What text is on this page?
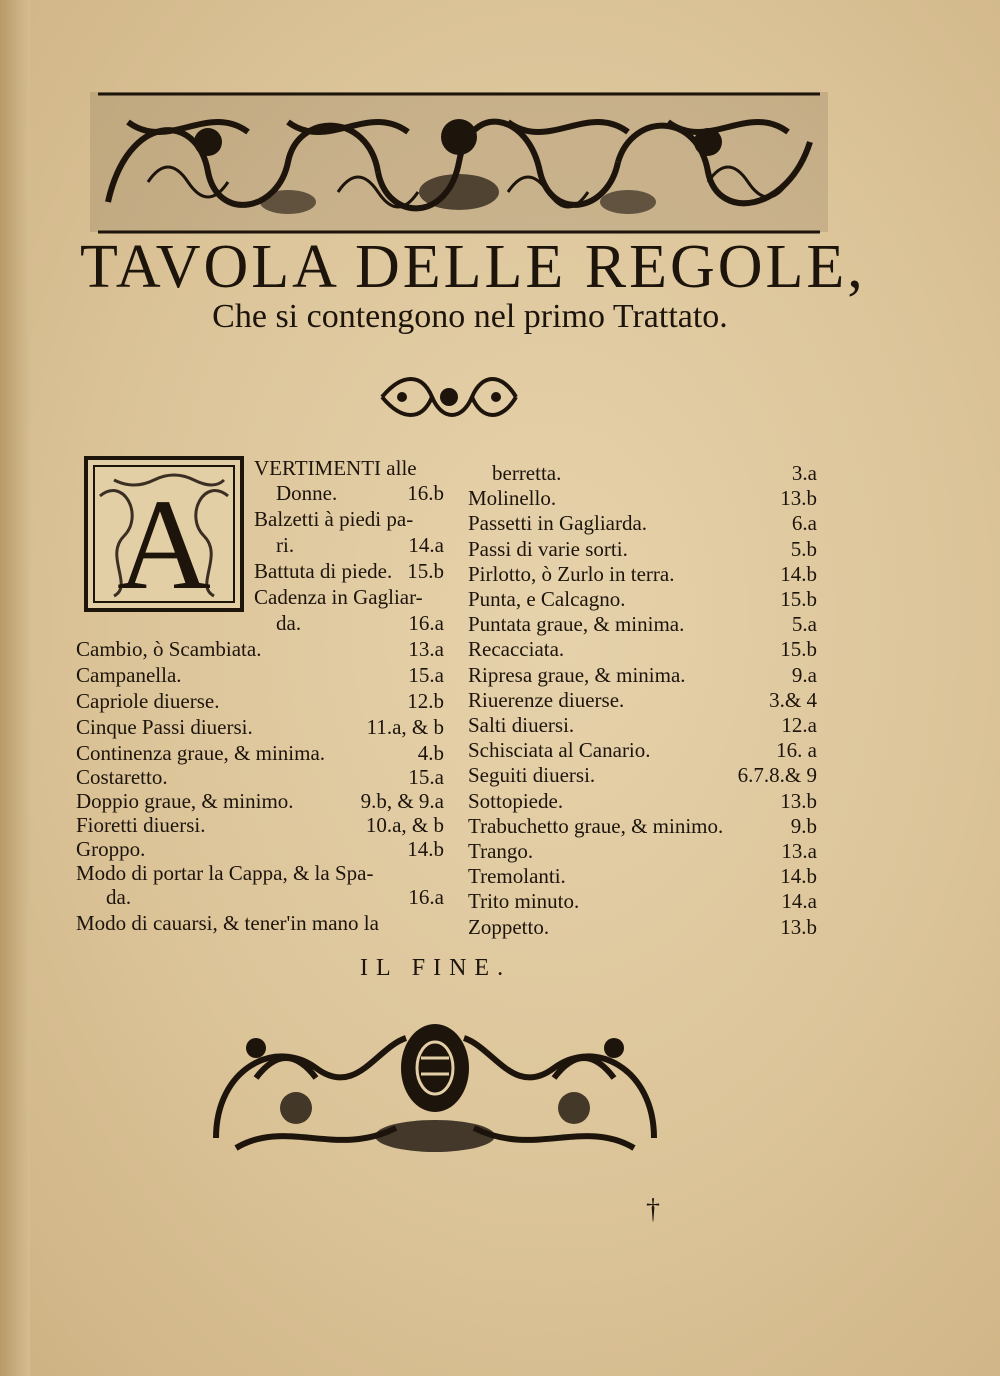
TAVOLA DELLE REGOLE,
Che si contengono nel primo Trattato.
A
VERTIMENTI alle
Donne.	16.b
Balzetti à piedi pa-
ri.	14.a
Battuta di piede. 15.b
Cadenza in Gagliar-
da.	16.a
Cambio, ò Scambiata.	13.a
Campanella.	15.a
Capriole diuerse.	12.b
Cinque Passi diuersi.	11.a, & b
Continenza graue, & minima.	4.b
Costaretto.	15.a
Doppio graue, & minimo.	9.b, & 9.a
Fioretti diuersi.	10.a, & b
Groppo.	14.b
Modo di portar la Cappa, & la Spa-
da.	16.a
Modo di cauarsi, & tener'in mano la
berretta.	3.a
Molinello.	13.b
Passetti in Gagliarda.	6.a
Passi di varie sorti.	5.b
Pirlotto, ò Zurlo in terra.	14.b
Punta, e Calcagno.	15.b
Puntata graue, & minima.	5.a
Recacciata.	15.b
Ripresa graue, & minima.	9.a
Riuerenze diuerse.	3.& 4
Salti diuersi.	12.a
Schisciata al Canario.	16. a
Seguiti diuersi.	6.7.8.& 9
Sottopiede.	13.b
Trabuchetto graue, & minimo.	9.b
Trango.	13.a
Tremolanti.	14.b
Trito minuto.	14.a
Zoppetto.	13.b
IL FINE.
†
